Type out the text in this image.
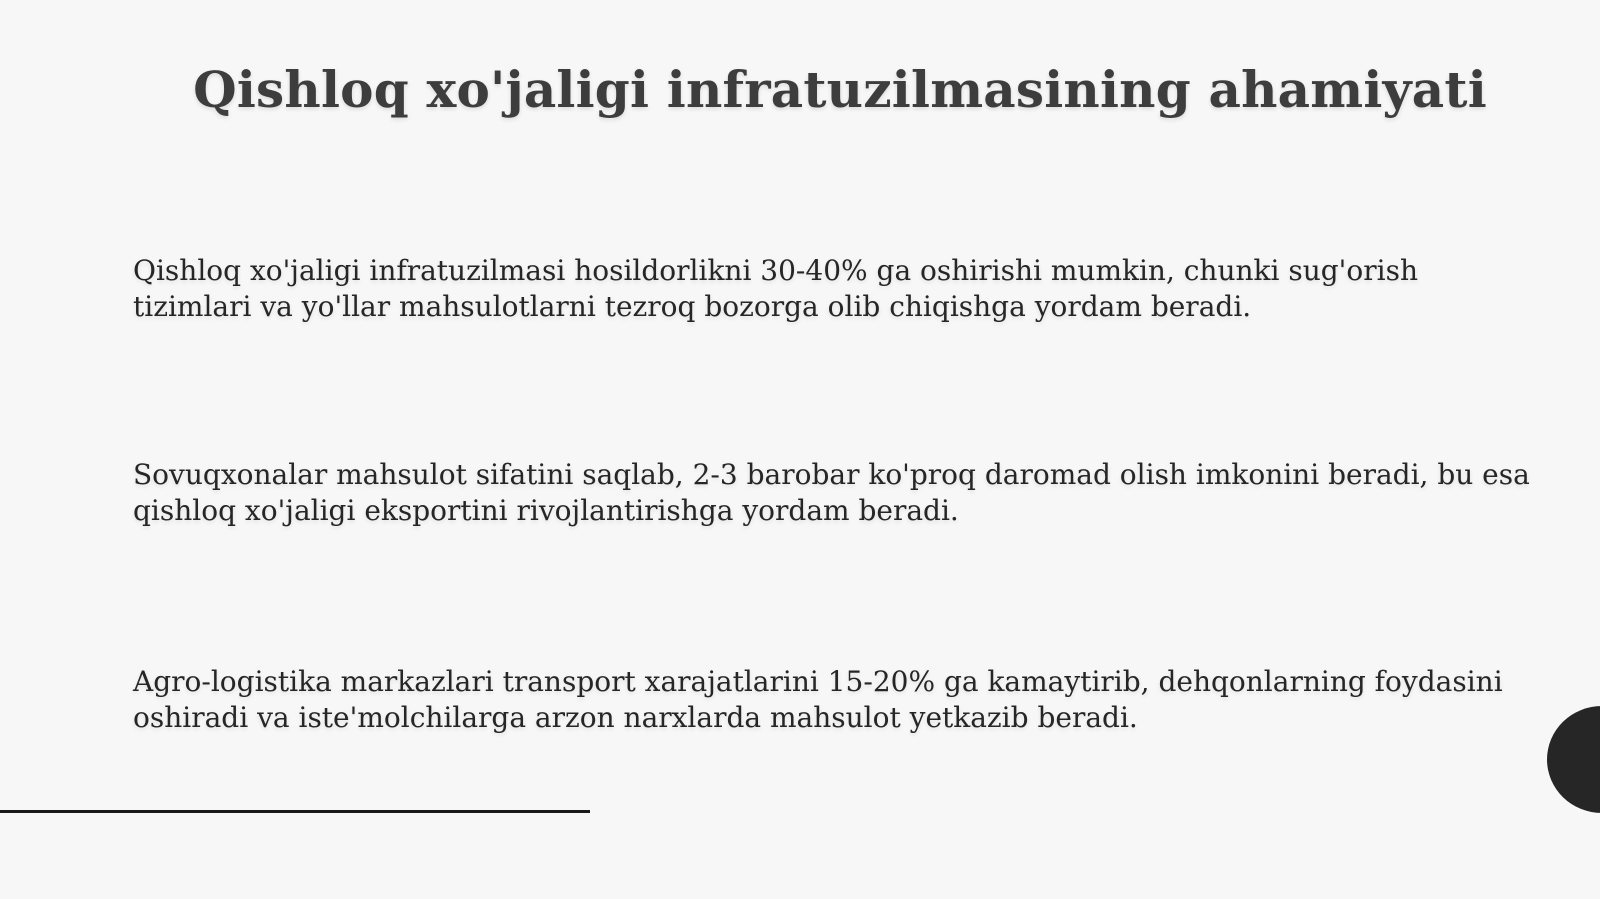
Qishloq xo'jaligi infratuzilmasining ahamiyati
Qishloq xo'jaligi infratuzilmasi hosildorlikni 30-40% ga oshirishi mumkin, chunki sug'orish tizimlari va yo'llar mahsulotlarni tezroq bozorga olib chiqishga yordam beradi.
Sovuqxonalar mahsulot sifatini saqlab, 2-3 barobar ko'proq daromad olish imkonini beradi, bu esa qishloq xo'jaligi eksportini rivojlantirishga yordam beradi.
Agro-logistika markazlari transport xarajatlarini 15-20% ga kamaytirib, dehqonlarning foydasini oshiradi va iste'molchilarga arzon narxlarda mahsulot yetkazib beradi.
